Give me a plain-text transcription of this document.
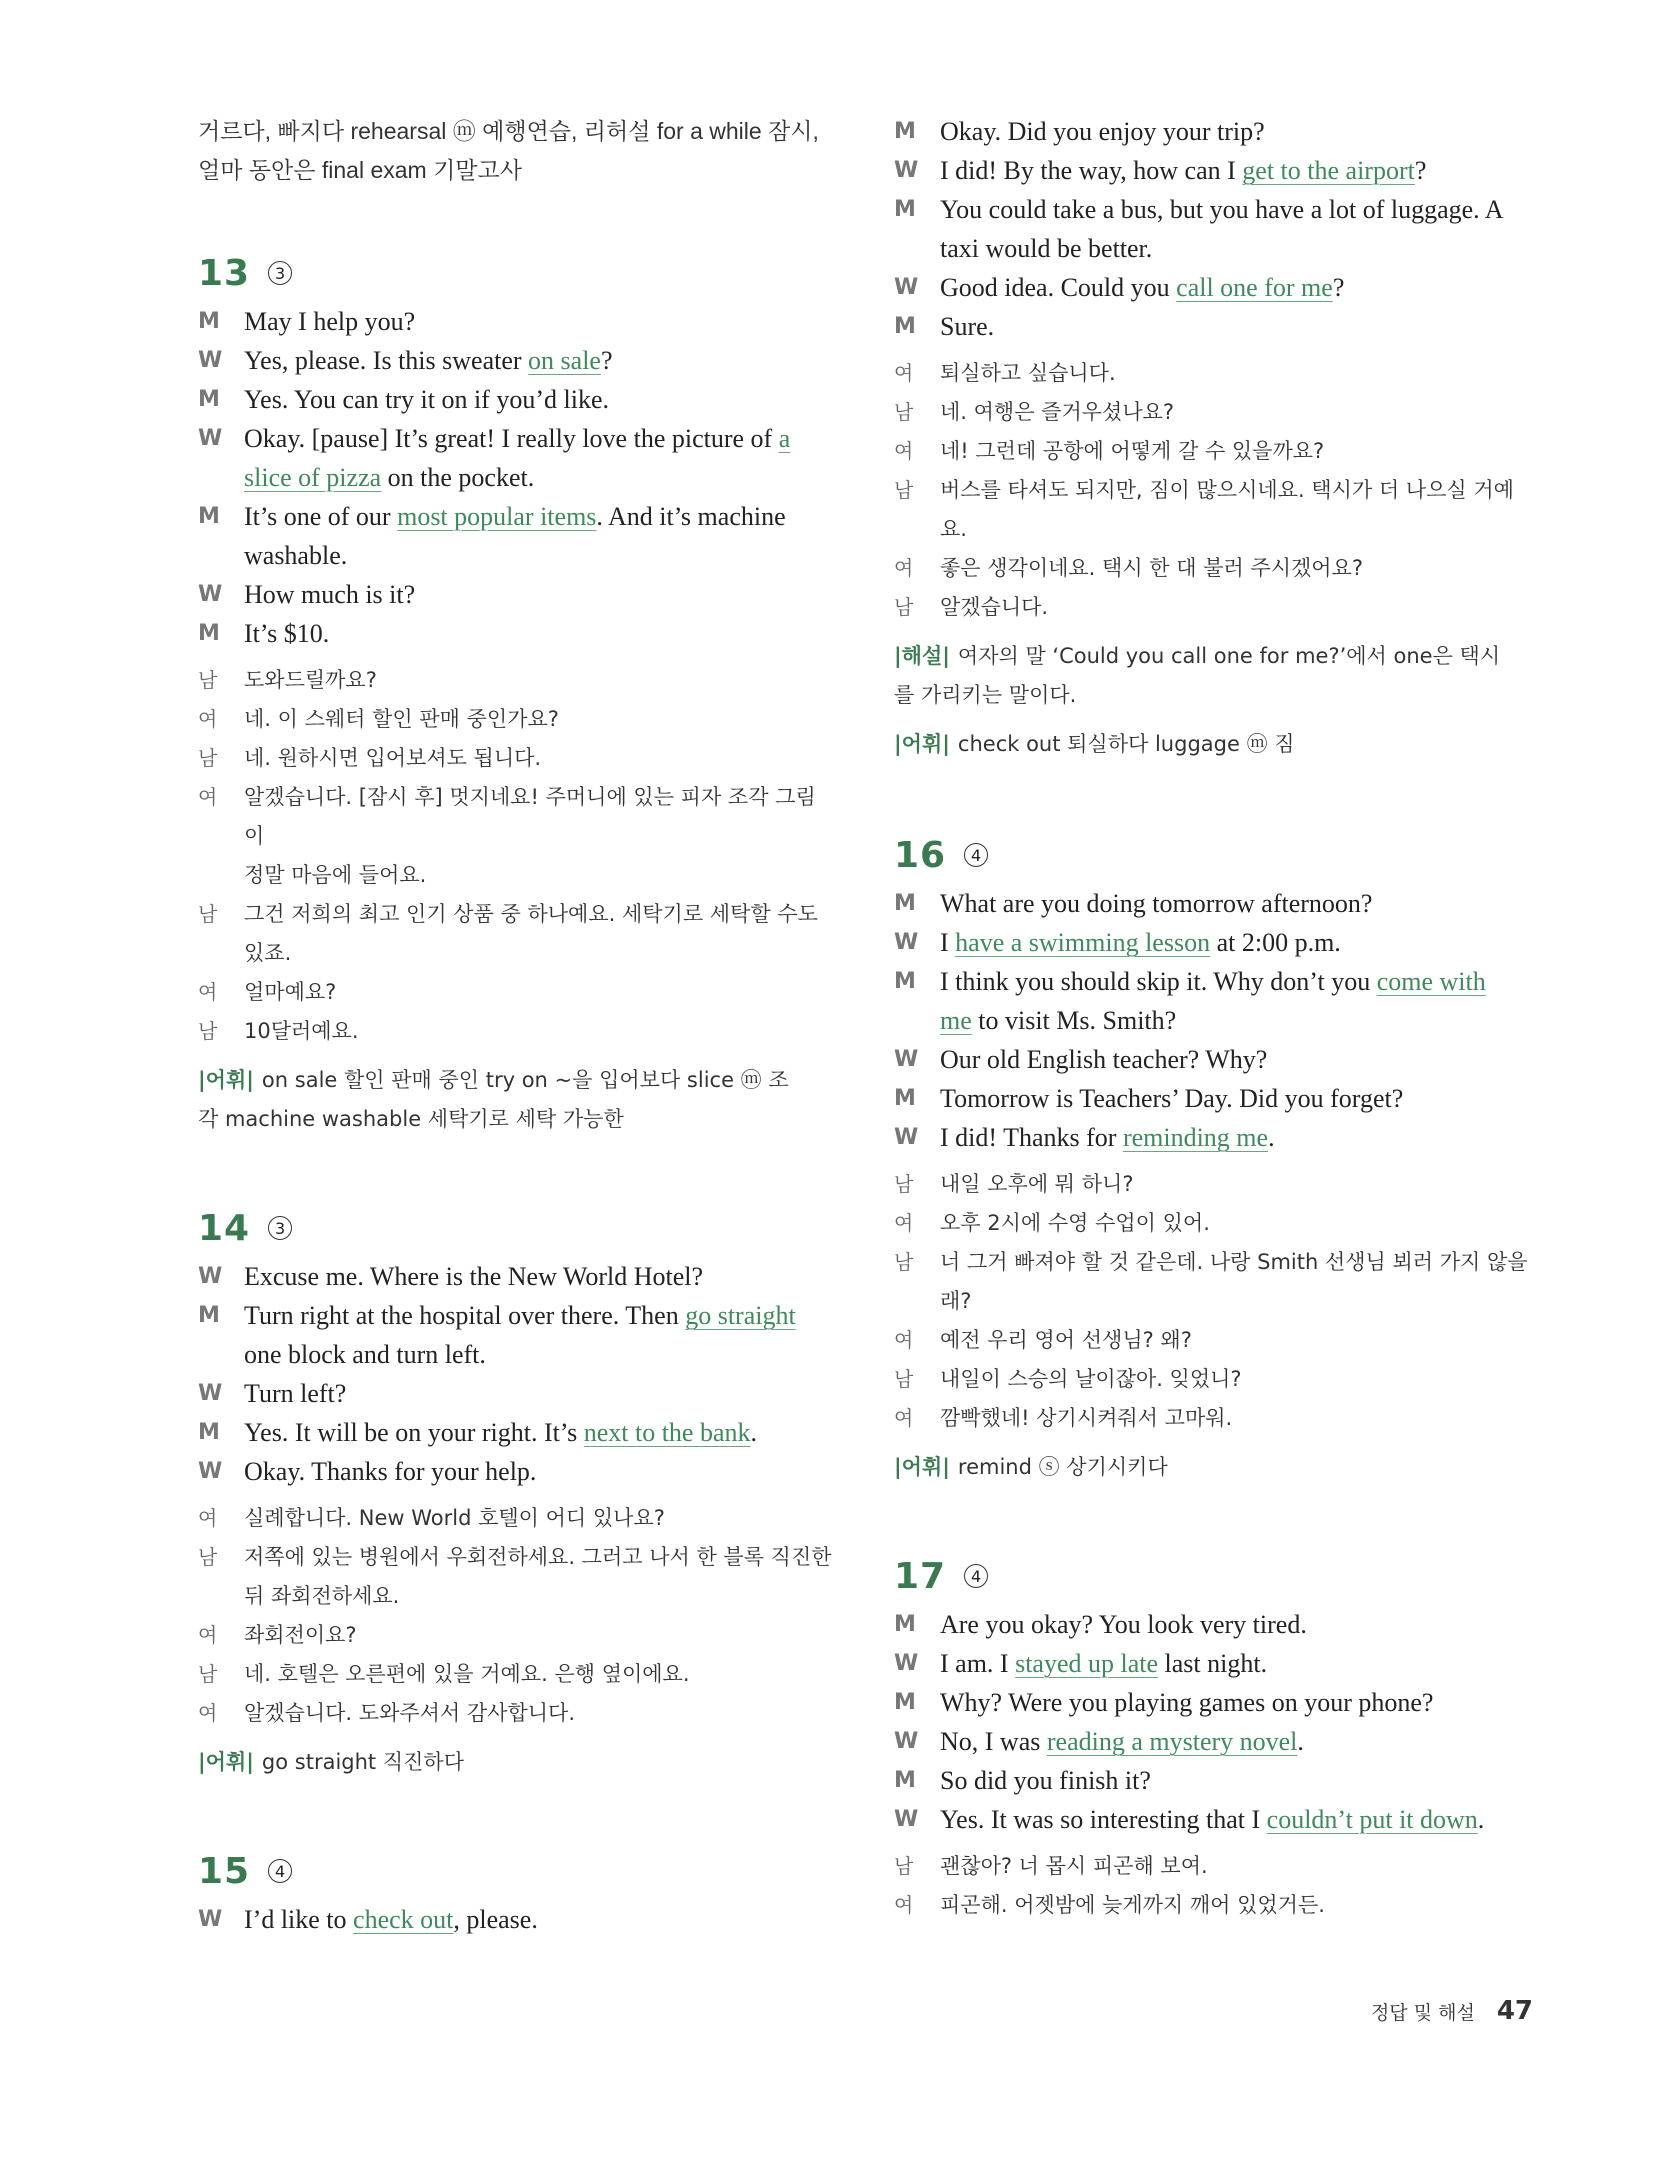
거르다, 빠지다 rehearsal ⓜ 예행연습, 리허설 for a while 잠시,
얼마 동안은 final exam 기말고사
13	3
M May I help you?
W Yes, please. Is this sweater on sale?
M Yes. You can try it on if you’d like.
W Okay. [pause] It’s great! I really love the picture of a
slice of pizza on the pocket.
M It’s one of our most popular items. And it’s machine
washable.
W How much is it?
M It’s $10.
남	도와드릴까요?
여	네. 이 스웨터 할인 판매 중인가요?
남	네. 원하시면 입어보셔도 됩니다.
여	알겠습니다. [잠시 후] 멋지네요! 주머니에 있는 피자 조각 그림이
정말 마음에 들어요.
남	그건 저희의 최고 인기 상품 중 하나예요. 세탁기로 세탁할 수도
있죠.
여	얼마예요?
남	10달러예요.
|어휘| on sale 할인 판매 중인 try on ~을 입어보다 slice ⓜ 조
각 machine washable 세탁기로 세탁 가능한
14	3
W Excuse me. Where is the New World Hotel?
M Turn right at the hospital over there. Then go straight
one block and turn left.
W Turn left?
M Yes. It will be on your right. It’s next to the bank.
W Okay. Thanks for your help.
여	실례합니다. New World 호텔이 어디 있나요?
남	저쪽에 있는 병원에서 우회전하세요. 그러고 나서 한 블록 직진한
뒤 좌회전하세요.
여	좌회전이요?
남	네. 호텔은 오른편에 있을 거예요. 은행 옆이에요.
여	알겠습니다. 도와주셔서 감사합니다.
|어휘| go straight 직진하다
15	4
W I’d like to check out, please.
M Okay. Did you enjoy your trip?
W I did! By the way, how can I get to the airport?
M You could take a bus, but you have a lot of luggage. A
taxi would be better.
W Good idea. Could you call one for me?
M Sure.
여	퇴실하고 싶습니다.
남	네. 여행은 즐거우셨나요?
여	네! 그런데 공항에 어떻게 갈 수 있을까요?
남	버스를 타셔도 되지만, 짐이 많으시네요. 택시가 더 나으실 거예
요.
여	좋은 생각이네요. 택시 한 대 불러 주시겠어요?
남	알겠습니다.
|해설| 여자의 말 ‘Could you call one for me?’에서 one은 택시
를 가리키는 말이다.
|어휘| check out 퇴실하다 luggage ⓜ 짐
16	4
M What are you doing tomorrow afternoon?
W I have a swimming lesson at 2:00 p.m.
M I think you should skip it. Why don’t you come with
me to visit Ms. Smith?
W Our old English teacher? Why?
M Tomorrow is Teachers’ Day. Did you forget?
W I did! Thanks for reminding me.
남	내일 오후에 뭐 하니?
여	오후 2시에 수영 수업이 있어.
남	너 그거 빠져야 할 것 같은데. 나랑 Smith 선생님 뵈러 가지 않을
래?
여	예전 우리 영어 선생님? 왜?
남	내일이 스승의 날이잖아. 잊었니?
여	깜빡했네! 상기시켜줘서 고마워.
|어휘| remind ⓢ 상기시키다
17	4
M Are you okay? You look very tired.
W I am. I stayed up late last night.
M Why? Were you playing games on your phone?
W No, I was reading a mystery novel.
M So did you finish it?
W Yes. It was so interesting that I couldn’t put it down.
남	괜찮아? 너 몹시 피곤해 보여.
여	피곤해. 어젯밤에 늦게까지 깨어 있었거든.
정답 및 해설 47
